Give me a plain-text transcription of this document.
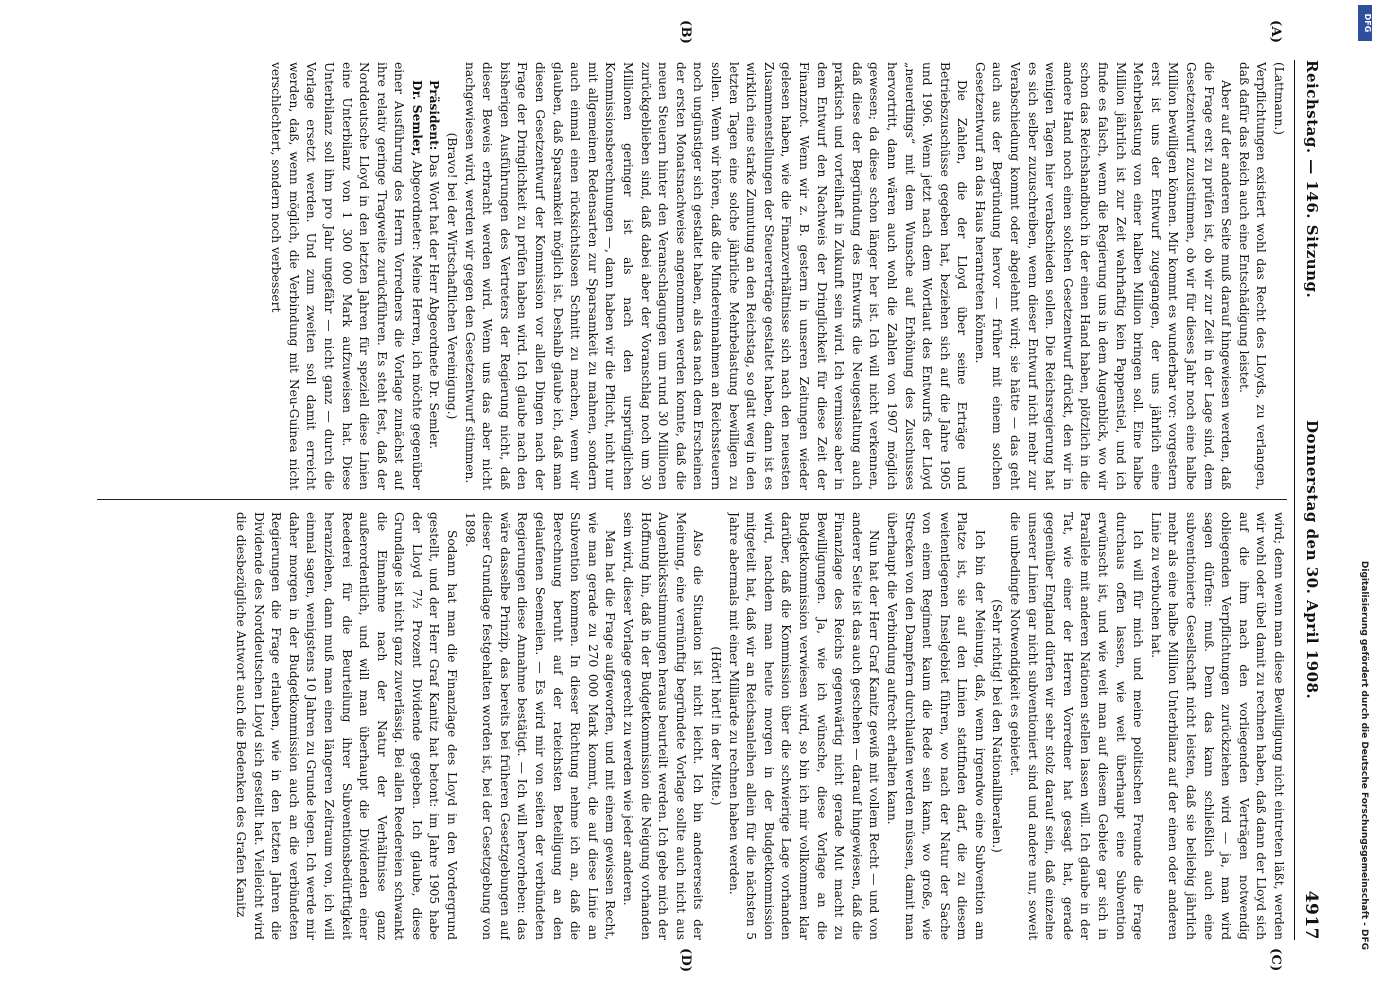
Reichstag. — 146. Sitzung.
Donnerstag den 30. April 1908.
4917
(A)
(B)
(C)
(D)

(Lattmann.)

Verpflichtungen existiert wohl das Recht des Lloyds, zu verlangen, daß dafür das Reich auch eine Entschädigung leistet.

Aber auf der anderen Seite muß darauf hingewiesen werden, daß die Frage erst zu prüfen ist, ob wir zur Zeit in der Lage sind, dem Gesetzentwurf zuzustimmen, ob wir für dieses Jahr noch eine halbe Million bewilligen können. Mir kommt es wunderbar vor: vorgestern erst ist uns der Entwurf zugegangen, der uns jährlich eine Mehrbelastung von einer halben Million bringen soll. Eine halbe Million jährlich ist zur Zeit wahrhaftig kein Pappenstiel, und ich finde es falsch, wenn die Regierung uns in dem Augenblick, wo wir schon das Reichshandbuch in der einen Hand haben, plötzlich in die andere Hand noch einen solchen Gesetzentwurf drückt, den wir in wenigen Tagen hier verabschieden sollen. Die Reichsregierung hat es sich selber zuzuschreiben, wenn dieser Entwurf nicht mehr zur Verabschiedung kommt oder abgelehnt wird; sie hätte — das geht auch aus der Begründung hervor — früher mit einem solchen Gesetzentwurf an das Haus herantreten können.

Die Zahlen, die der Lloyd über seine Erträge und Betriebszuschüsse gegeben hat, beziehen sich auf die Jahre 1905 und 1906. Wenn jetzt nach dem Wortlaut des Entwurfs der Lloyd „neuerdings“ mit dem Wunsche auf Erhöhung des Zuschusses hervortritt, dann wären auch wohl die Zahlen von 1907 möglich gewesen; da diese schon länger her ist. Ich will nicht verkennen, daß diese der Begründung des Entwurfs die Neugestaltung auch praktisch und vorteilhaft in Zukunft sein wird. Ich vermisse aber in dem Entwurf den Nachweis der Dringlichkeit für diese Zeit der Finanznot. Wenn wir z. B. gestern in unseren Zeitungen wieder gelesen haben, wie die Finanzverhältnisse sich nach den neuesten Zusammenstellungen der Steuererträge gestaltet haben, dann ist es wirklich eine starke Zumutung an den Reichstag, so glatt weg in den letzten Tagen eine solche jährliche Mehrbelastung bewilligen zu sollen. Wenn wir hören, daß die Mindereinnahmen an Reichssteuern noch ungünstiger sich gestaltet haben, als das nach dem Erscheinen der ersten Monatsnachweise angenommen werden konnte, daß die neuen Steuern hinter den Veranschlagungen um rund 30 Millionen zurückgeblieben sind, daß dabei aber der Voranschlag noch um 30 Millionen geringer ist als nach den ursprünglichen Kommissionsberechnungen —, dann haben wir die Pflicht, nicht nur mit allgemeinen Redensarten zur Sparsamkeit zu mahnen, sondern auch einmal einen rücksichtslosen Schnitt zu machen, wenn wir glauben, daß Sparsamkeit möglich ist. Deshalb glaube ich, daß man diesen Gesetzentwurf der Kommission vor allen Dingen nach der Frage der Dringlichkeit zu prüfen haben wird. Ich glaube nach den bisherigen Ausführungen des Vertreters der Regierung nicht, daß dieser Beweis erbracht werden wird. Wenn uns das aber nicht nachgewiesen wird, werden wir gegen den Gesetzentwurf stimmen.

(Bravo! bei der Wirtschaftlichen Vereinigung.)

Präsident: Das Wort hat der Herr Abgeordnete Dr. Semler.

Dr. Semler, Abgeordneter: Meine Herren, ich möchte gegenüber einer Ausführung des Herrn Vorredners die Vorlage zunächst auf ihre relativ geringe Tragweite zurückführen. Es steht fest, daß der Norddeutsche Lloyd in den letzten Jahren für speziell diese Linien eine Unterbilanz von 1 300 000 Mark aufzuweisen hat. Diese Unterbilanz soll ihm pro Jahr ungefähr — nicht ganz — durch die Vorlage ersetzt werden. Und zum zweiten soll damit erreicht werden, daß, wenn möglich, die Verbindung mit Neu-Guinea nicht verschlechtert, sondern noch verbessert

wird; denn wenn man diese Bewilligung nicht eintreten läßt, werden wir wohl oder übel damit zu rechnen haben, daß dann der Lloyd sich auf die ihm nach den vorliegenden Verträgen notwendig obliegenden Verpflichtungen zurückziehen wird — ja, man wird sagen dürfen: muß. Denn das kann schließlich auch eine subventionierte Gesellschaft nicht leisten, daß sie beliebig jährlich mehr als eine halbe Million Unterbilanz auf der einen oder anderen Linie zu verbuchen hat.

Ich will für mich und meine politischen Freunde die Frage durchaus offen lassen, wie weit überhaupt eine Subvention erwünscht ist, und wie weit man auf diesem Gebiete gar sich in Parallele mit anderen Nationen stellen lassen will. Ich glaube in der Tat, wie einer der Herren Vorredner hat gesagt hat, gerade gegenüber England dürfen wir sehr stolz darauf sein, daß einzelne unserer Linien gar nicht subventioniert sind und andere nur, soweit die unbedingte Notwendigkeit es gebietet.

(Sehr richtig! bei den Nationalliberalen.)

Ich bin der Meinung, daß, wenn irgendwo eine Subvention am Platze ist, sie auf den Linien stattfinden darf, die zu diesem weitentlegenen Inselgebiet führen, wo nach der Natur der Sache von einem Regiment kaum die Rede sein kann, wo große, wie Strecken von den Dampfern durchlaufen werden müssen, damit man überhaupt die Verbindung aufrecht erhalten kann.

Nun hat der Herr Graf Kanitz gewiß mit vollem Recht — und von anderer Seite ist das auch geschehen — darauf hingewiesen, daß die Finanzlage des Reichs gegenwärtig nicht gerade Mut macht zu Bewilligungen. Ja, wie ich wünsche, diese Vorlage an die Budgetkommission verwiesen wird, so bin ich mir vollkommen klar darüber, daß die Kommission über die schwierige Lage vorhanden wird, nachdem man heute morgen in der Budgetkommission mitgeteilt hat, daß wir an Reichsanleihen allein für die nächsten 5 Jahre abermals mit einer Milliarde zu rechnen haben werden.

(Hört! hört! in der Mitte.)

Also die Situation ist nicht leicht. Ich bin andererseits der Meinung, eine vernünftig begründete Vorlage sollte auch nicht aus Augenblicksstimmungen heraus beurteilt werden. Ich gebe mich der Hoffnung hin, daß in der Budgetkommission die Neigung vorhanden sein wird, dieser Vorlage gerecht zu werden wie jeder anderen.

Man hat die Frage aufgeworfen, und mit einem gewissen Recht, wie man gerade zu 270 000 Mark kommt, die auf diese Linie an Subvention kommen. In dieser Richtung nehme ich an, daß die Berechnung beruht auf der rateichsten Beteiligung an den gelaufenen Seemeilen. — Es wird mir von seiten der verbündeten Regierungen diese Annahme bestätigt. — Ich will hervorheben: das wäre dasselbe Prinzip, das bereits bei früheren Gesetzgebungen auf dieser Grundlage festgehalten worden ist, bei der Gesetzgebung von 1898.

Sodann hat man die Finanzlage des Lloyd in den Vordergrund gestellt, und der Herr Graf Kanitz hat betont: im Jahre 1905 habe der Lloyd 7½ Prozent Dividende gegeben. Ich glaube, diese Grundlage ist nicht ganz zuverlässig. Bei allen Reedereien schwankt die Einnahme nach der Natur der Verhältnisse ganz außerordentlich, und will man überhaupt die Dividenden einer Reederei für die Beurteilung ihrer Subventionsbedürftigkeit heranziehen, dann muß man einen längeren Zeitraum von, ich will einmal sagen, wenigstens 10 Jahren zu Grunde legen. Ich werde mir daher morgen in der Budgetkommission auch an die verbündeten Regierungen die Frage erlauben, wie in den letzten Jahren die Dividende des Norddeutschen Lloyd sich gestellt hat. Vielleicht wird die diesbezügliche Antwort auch die Bedenken des Grafen Kanitz	Digitalisierung gefördert durch die Deutsche Forschungsgemeinschaft - DFG
DFG
